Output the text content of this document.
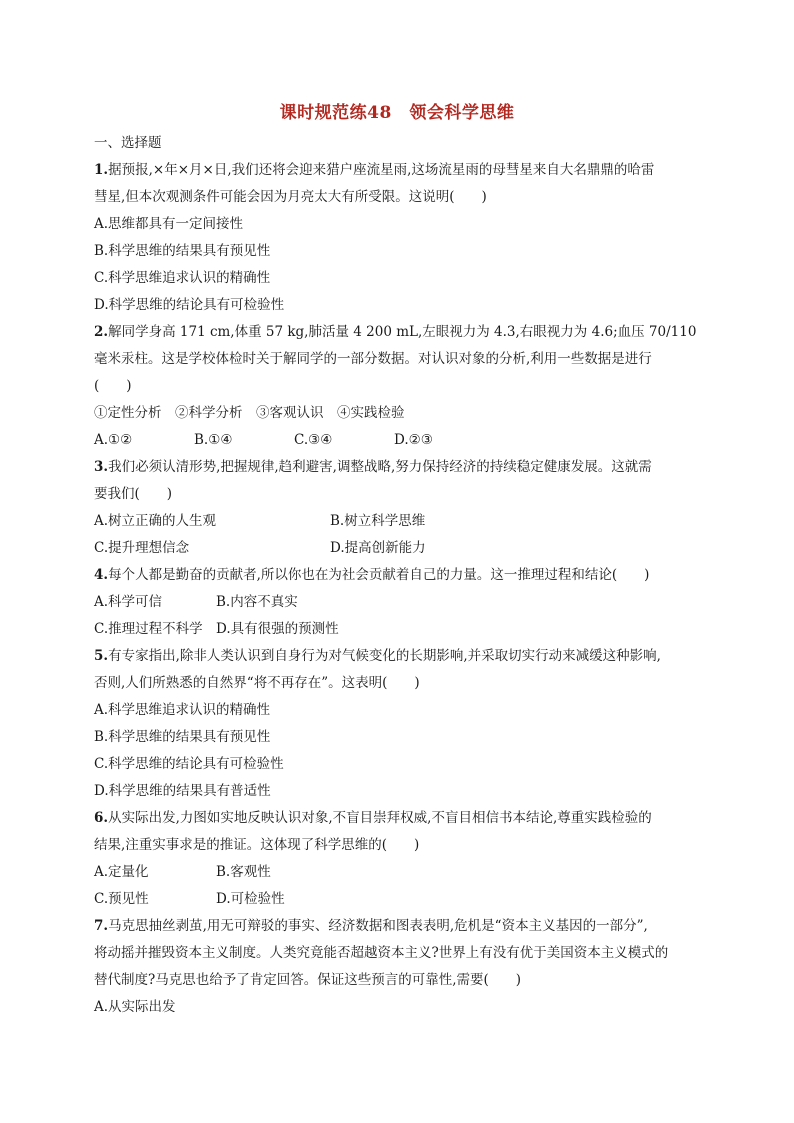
课时规范练48　领会科学思维
一、选择题
1.据预报,×年×月×日,我们还将会迎来猎户座流星雨,这场流星雨的母彗星来自大名鼎鼎的哈雷
彗星,但本次观测条件可能会因为月亮太大有所受限。这说明(　　)
A.思维都具有一定间接性
B.科学思维的结果具有预见性
C.科学思维追求认识的精确性
D.科学思维的结论具有可检验性
2.解同学身高 171 cm,体重 57 kg,肺活量 4 200 mL,左眼视力为 4.3,右眼视力为 4.6;血压 70/110
毫米汞柱。这是学校体检时关于解同学的一部分数据。对认识对象的分析,利用一些数据是进行
(　　)
①定性分析　②科学分析　③客观认识　④实践检验
A.①②	B.①④	C.③④	D.②③
3.我们必须认清形势,把握规律,趋利避害,调整战略,努力保持经济的持续稳定健康发展。这就需
要我们(　　)
A.树立正确的人生观	B.树立科学思维
C.提升理想信念	D.提高创新能力
4.每个人都是勤奋的贡献者,所以你也在为社会贡献着自己的力量。这一推理过程和结论(　　)
A.科学可信	B.内容不真实
C.推理过程不科学 D.具有很强的预测性
5.有专家指出,除非人类认识到自身行为对气候变化的长期影响,并采取切实行动来减缓这种影响,
否则,人们所熟悉的自然界“将不再存在”。这表明(　　)
A.科学思维追求认识的精确性
B.科学思维的结果具有预见性
C.科学思维的结论具有可检验性
D.科学思维的结果具有普适性
6.从实际出发,力图如实地反映认识对象,不盲目崇拜权威,不盲目相信书本结论,尊重实践检验的
结果,注重实事求是的推证。这体现了科学思维的(　　)
A.定量化	B.客观性
C.预见性	D.可检验性
7.马克思抽丝剥茧,用无可辩驳的事实、经济数据和图表表明,危机是“资本主义基因的一部分”,
将动摇并摧毁资本主义制度。人类究竟能否超越资本主义?世界上有没有优于美国资本主义模式的
替代制度?马克思也给予了肯定回答。保证这些预言的可靠性,需要(　　)
A.从实际出发
